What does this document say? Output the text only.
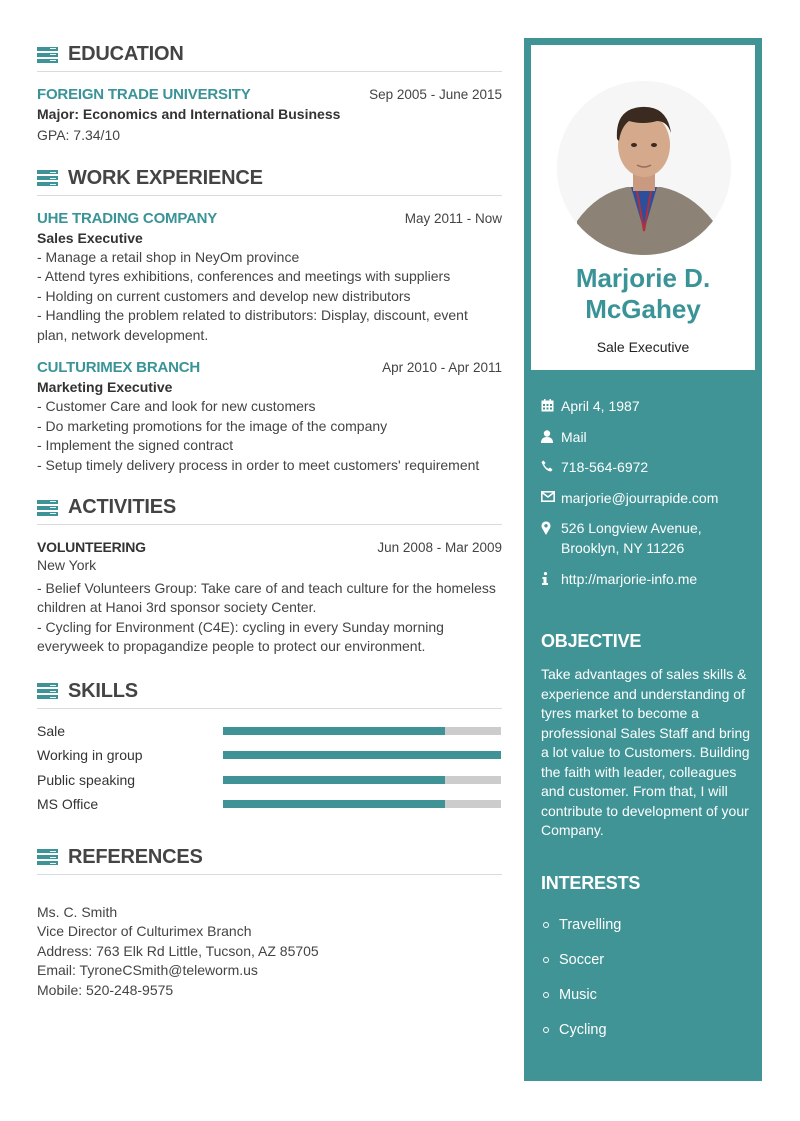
EDUCATION
FOREIGN TRADE UNIVERSITY	Sep 2005 - June 2015
Major: Economics and International Business
GPA: 7.34/10
WORK EXPERIENCE
UHE TRADING COMPANY	May 2011 - Now
Sales Executive
- Manage a retail shop in NeyOm province
- Attend tyres exhibitions, conferences and meetings with suppliers
- Holding on current customers and develop new distributors
- Handling the problem related to distributors: Display, discount, event plan, network development.
CULTURIMEX BRANCH	Apr 2010 - Apr 2011
Marketing Executive
- Customer Care and look for new customers
- Do marketing promotions for the image of the company
- Implement the signed contract
- Setup timely delivery process in order to meet customers' requirement
ACTIVITIES
VOLUNTEERING	Jun 2008 - Mar 2009
New York
- Belief Volunteers Group: Take care of and teach culture for the homeless children at Hanoi 3rd sponsor society Center.
- Cycling for Environment (C4E): cycling in every Sunday morning everyweek to propagandize people to protect our environment.
SKILLS
Sale
Working in group
Public speaking
MS Office
REFERENCES
Ms. C. Smith
Vice Director of Culturimex Branch
Address: 763 Elk Rd Little, Tucson, AZ 85705
Email: TyroneCSmith@teleworm.us
Mobile: 520-248-9575
Marjorie D. McGahey
Sale Executive
April 4, 1987
Mail
718-564-6972
marjorie@jourrapide.com
526 Longview Avenue, Brooklyn, NY 11226
http://marjorie-info.me
OBJECTIVE
Take advantages of sales skills & experience and understanding of tyres market to become a professional Sales Staff and bring a lot value to Customers. Building the faith with leader, colleagues and customer. From that, I will contribute to development of your Company.
INTERESTS
Travelling
Soccer
Music
Cycling
